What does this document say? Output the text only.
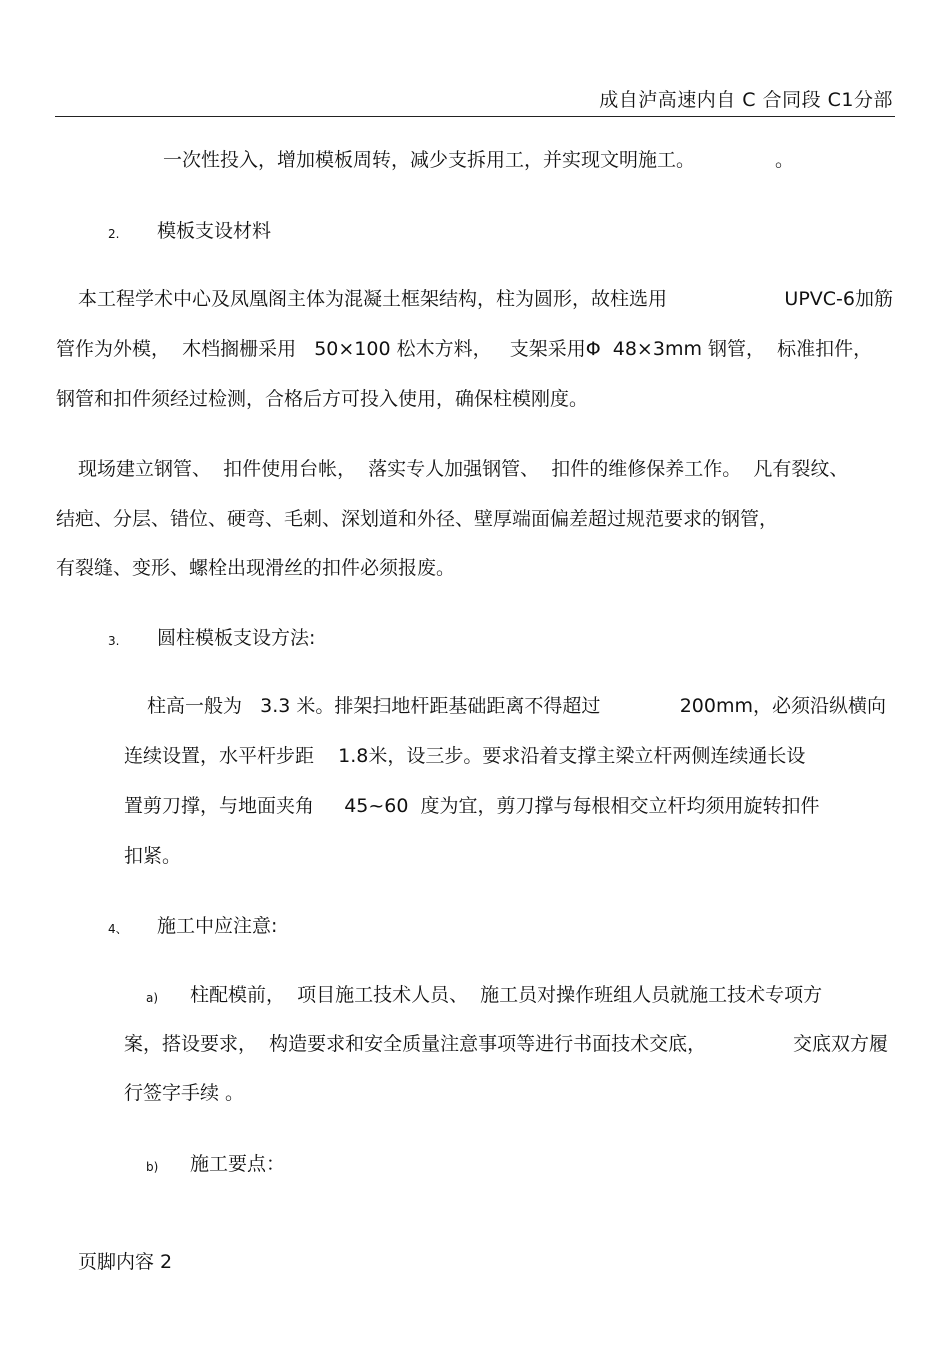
成自泸高速内自 C 合同段 C1分部
一次性投入，增加模板周转，减少支拆用工，并实现文明施工。	。
2. 模板支设材料
本工程学术中心及凤凰阁主体为混凝土框架结构，柱为圆形，故柱选用	UPVC-6加筋
管作为外模，  木档搁栅采用   50×100 松木方料，   支架采用Φ  48×3mm 钢管，  标准扣件，
钢管和扣件须经过检测，合格后方可投入使用，确保柱模刚度。
现场建立钢管、  扣件使用台帐，  落实专人加强钢管、  扣件的维修保养工作。  凡有裂纹、
结疤、分层、错位、硬弯、毛刺、深划道和外径、壁厚端面偏差超过规范要求的钢管，
有裂缝、变形、螺栓出现滑丝的扣件必须报废。
3. 圆柱模板支设方法:
柱高一般为   3.3 米。排架扫地杆距基础距离不得超过	200mm，必须沿纵横向
连续设置，水平杆步距    1.8米，设三步。要求沿着支撑主梁立杆两侧连续通长设
置剪刀撑，与地面夹角     45~60  度为宜，剪刀撑与每根相交立杆均须用旋转扣件
扣紧。
4、 施工中应注意:
a) 柱配模前，  项目施工技术人员、  施工员对操作班组人员就施工技术专项方
案，搭设要求，  构造要求和安全质量注意事项等进行书面技术交底，	交底双方履
行签字手续 。
b) 施工要点：
页脚内容 2
